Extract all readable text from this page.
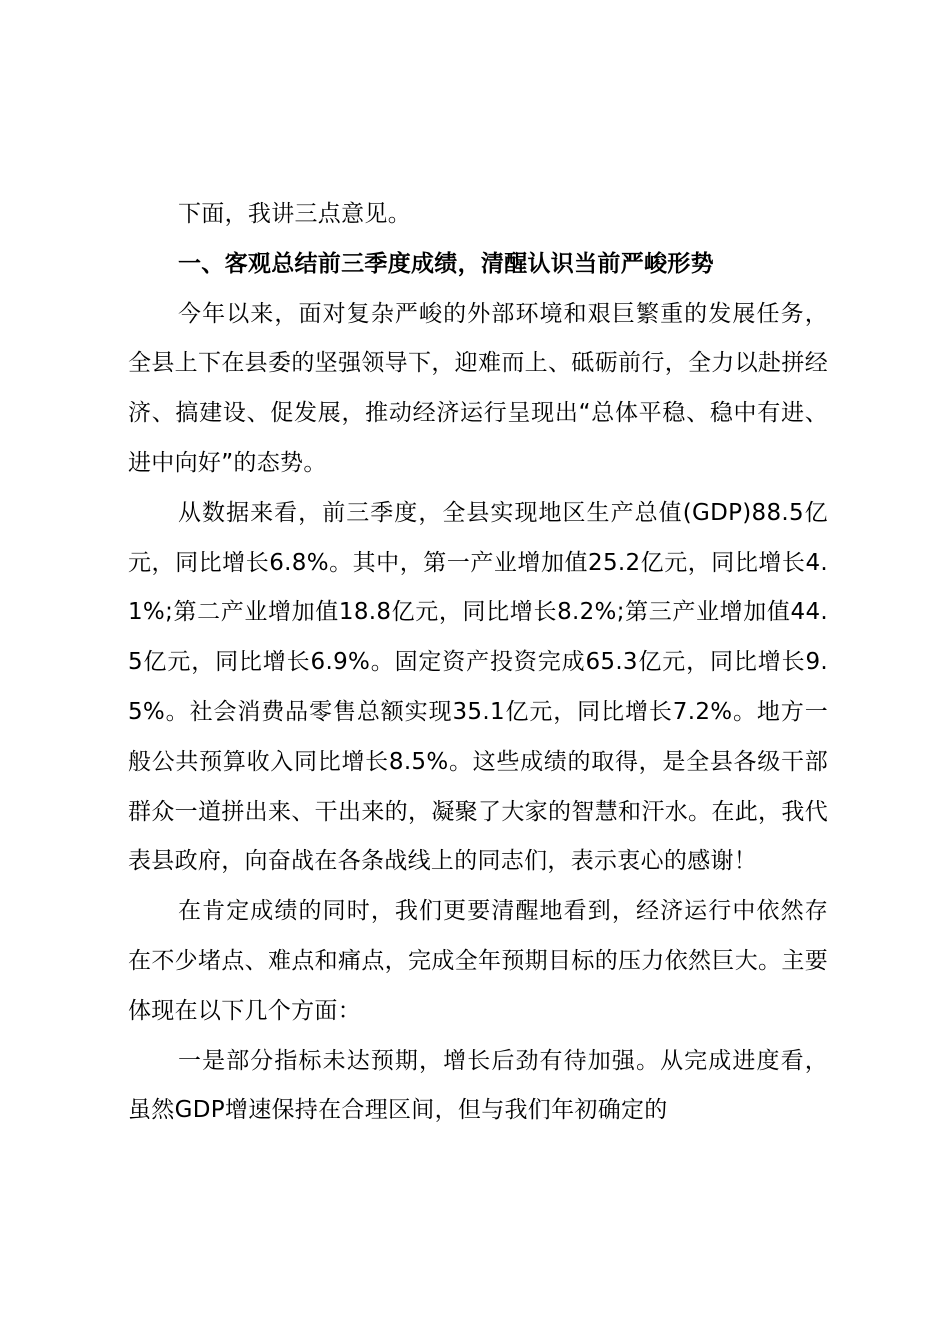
下面，我讲三点意见。

一、客观总结前三季度成绩，清醒认识当前严峻形势

今年以来，面对复杂严峻的外部环境和艰巨繁重的发展任务，全县上下在县委的坚强领导下，迎难而上、砥砺前行，全力以赴拼经济、搞建设、促发展，推动经济运行呈现出“总体平稳、稳中有进、进中向好”的态势。

从数据来看，前三季度，全县实现地区生产总值(GDP)88.5亿元，同比增长6.8%。其中，第一产业增加值25.2亿元，同比增长4.1%;第二产业增加值18.8亿元，同比增长8.2%;第三产业增加值44.5亿元，同比增长6.9%。固定资产投资完成65.3亿元，同比增长9.5%。社会消费品零售总额实现35.1亿元，同比增长7.2%。地方一般公共预算收入同比增长8.5%。这些成绩的取得，是全县各级干部群众一道拼出来、干出来的，凝聚了大家的智慧和汗水。在此，我代表县政府，向奋战在各条战线上的同志们，表示衷心的感谢！

在肯定成绩的同时，我们更要清醒地看到，经济运行中依然存在不少堵点、难点和痛点，完成全年预期目标的压力依然巨大。主要体现在以下几个方面：

一是部分指标未达预期，增长后劲有待加强。从完成进度看，虽然GDP增速保持在合理区间，但与我们年初确定的
